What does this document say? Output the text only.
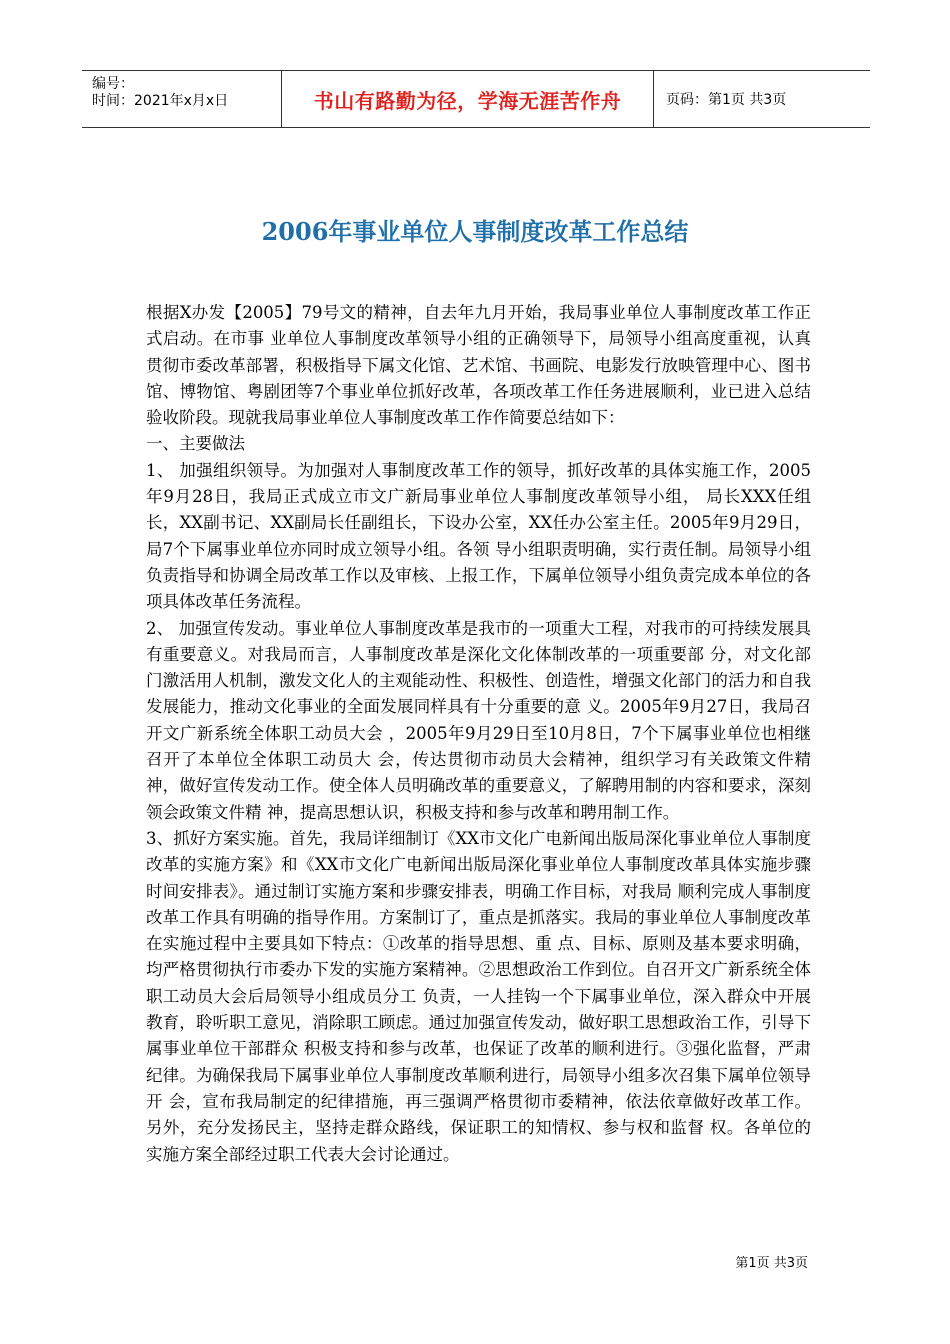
编号：
时间：2021年x月x日	书山有路勤为径，学海无涯苦作舟	页码：第1页 共3页
2006年事业单位人事制度改革工作总结

根据X办发【2005】79号文的精神，自去年九月开始，我局事业单位人事制度改革工作正式启动。在市事 业单位人事制度改革领导小组的正确领导下，局领导小组高度重视，认真贯彻市委改革部署，积极指导下属文化馆、艺术馆、书画院、电影发行放映管理中心、图书 馆、博物馆、粤剧团等7个事业单位抓好改革，各项改革工作任务进展顺利，业已进入总结验收阶段。现就我局事业单位人事制度改革工作作简要总结如下：

一、主要做法

1、 加强组织领导。为加强对人事制度改革工作的领导，抓好改革的具体实施工作，2005年9月28日，我局正式成立市文广新局事业单位人事制度改革领导小组， 局长XXX任组长，XX副书记、XX副局长任副组长，下设办公室，XX任办公室主任。2005年9月29日，局7个下属事业单位亦同时成立领导小组。各领 导小组职责明确，实行责任制。局领导小组负责指导和协调全局改革工作以及审核、上报工作，下属单位领导小组负责完成本单位的各项具体改革任务流程。

2、 加强宣传发动。事业单位人事制度改革是我市的一项重大工程，对我市的可持续发展具有重要意义。对我局而言，人事制度改革是深化文化体制改革的一项重要部 分，对文化部门激活用人机制，激发文化人的主观能动性、积极性、创造性，增强文化部门的活力和自我发展能力，推动文化事业的全面发展同样具有十分重要的意 义。2005年9月27日，我局召开文广新系统全体职工动员大会 ，2005年9月29日至10月8日，7个下属事业单位也相继召开了本单位全体职工动员大 会，传达贯彻市动员大会精神，组织学习有关政策文件精神，做好宣传发动工作。使全体人员明确改革的重要意义，了解聘用制的内容和要求，深刻领会政策文件精 神，提高思想认识，积极支持和参与改革和聘用制工作。

3、抓好方案实施。首先，我局详细制订《XX市文化广电新闻出版局深化事业单位人事制度 改革的实施方案》和《XX市文化广电新闻出版局深化事业单位人事制度改革具体实施步骤时间安排表》。通过制订实施方案和步骤安排表，明确工作目标，对我局 顺利完成人事制度改革工作具有明确的指导作用。方案制订了，重点是抓落实。我局的事业单位人事制度改革在实施过程中主要具如下特点：①改革的指导思想、重 点、目标、原则及基本要求明确，均严格贯彻执行市委办下发的实施方案精神。②思想政治工作到位。自召开文广新系统全体职工动员大会后局领导小组成员分工 负责，一人挂钩一个下属事业单位，深入群众中开展教育，聆听职工意见，消除职工顾虑。通过加强宣传发动，做好职工思想政治工作，引导下属事业单位干部群众 积极支持和参与改革，也保证了改革的顺利进行。③强化监督，严肃纪律。为确保我局下属事业单位人事制度改革顺利进行，局领导小组多次召集下属单位领导开 会，宣布我局制定的纪律措施，再三强调严格贯彻市委精神，依法依章做好改革工作。另外，充分发扬民主，坚持走群众路线，保证职工的知情权、参与权和监督 权。各单位的实施方案全部经过职工代表大会讨论通过。

第1页 共3页
